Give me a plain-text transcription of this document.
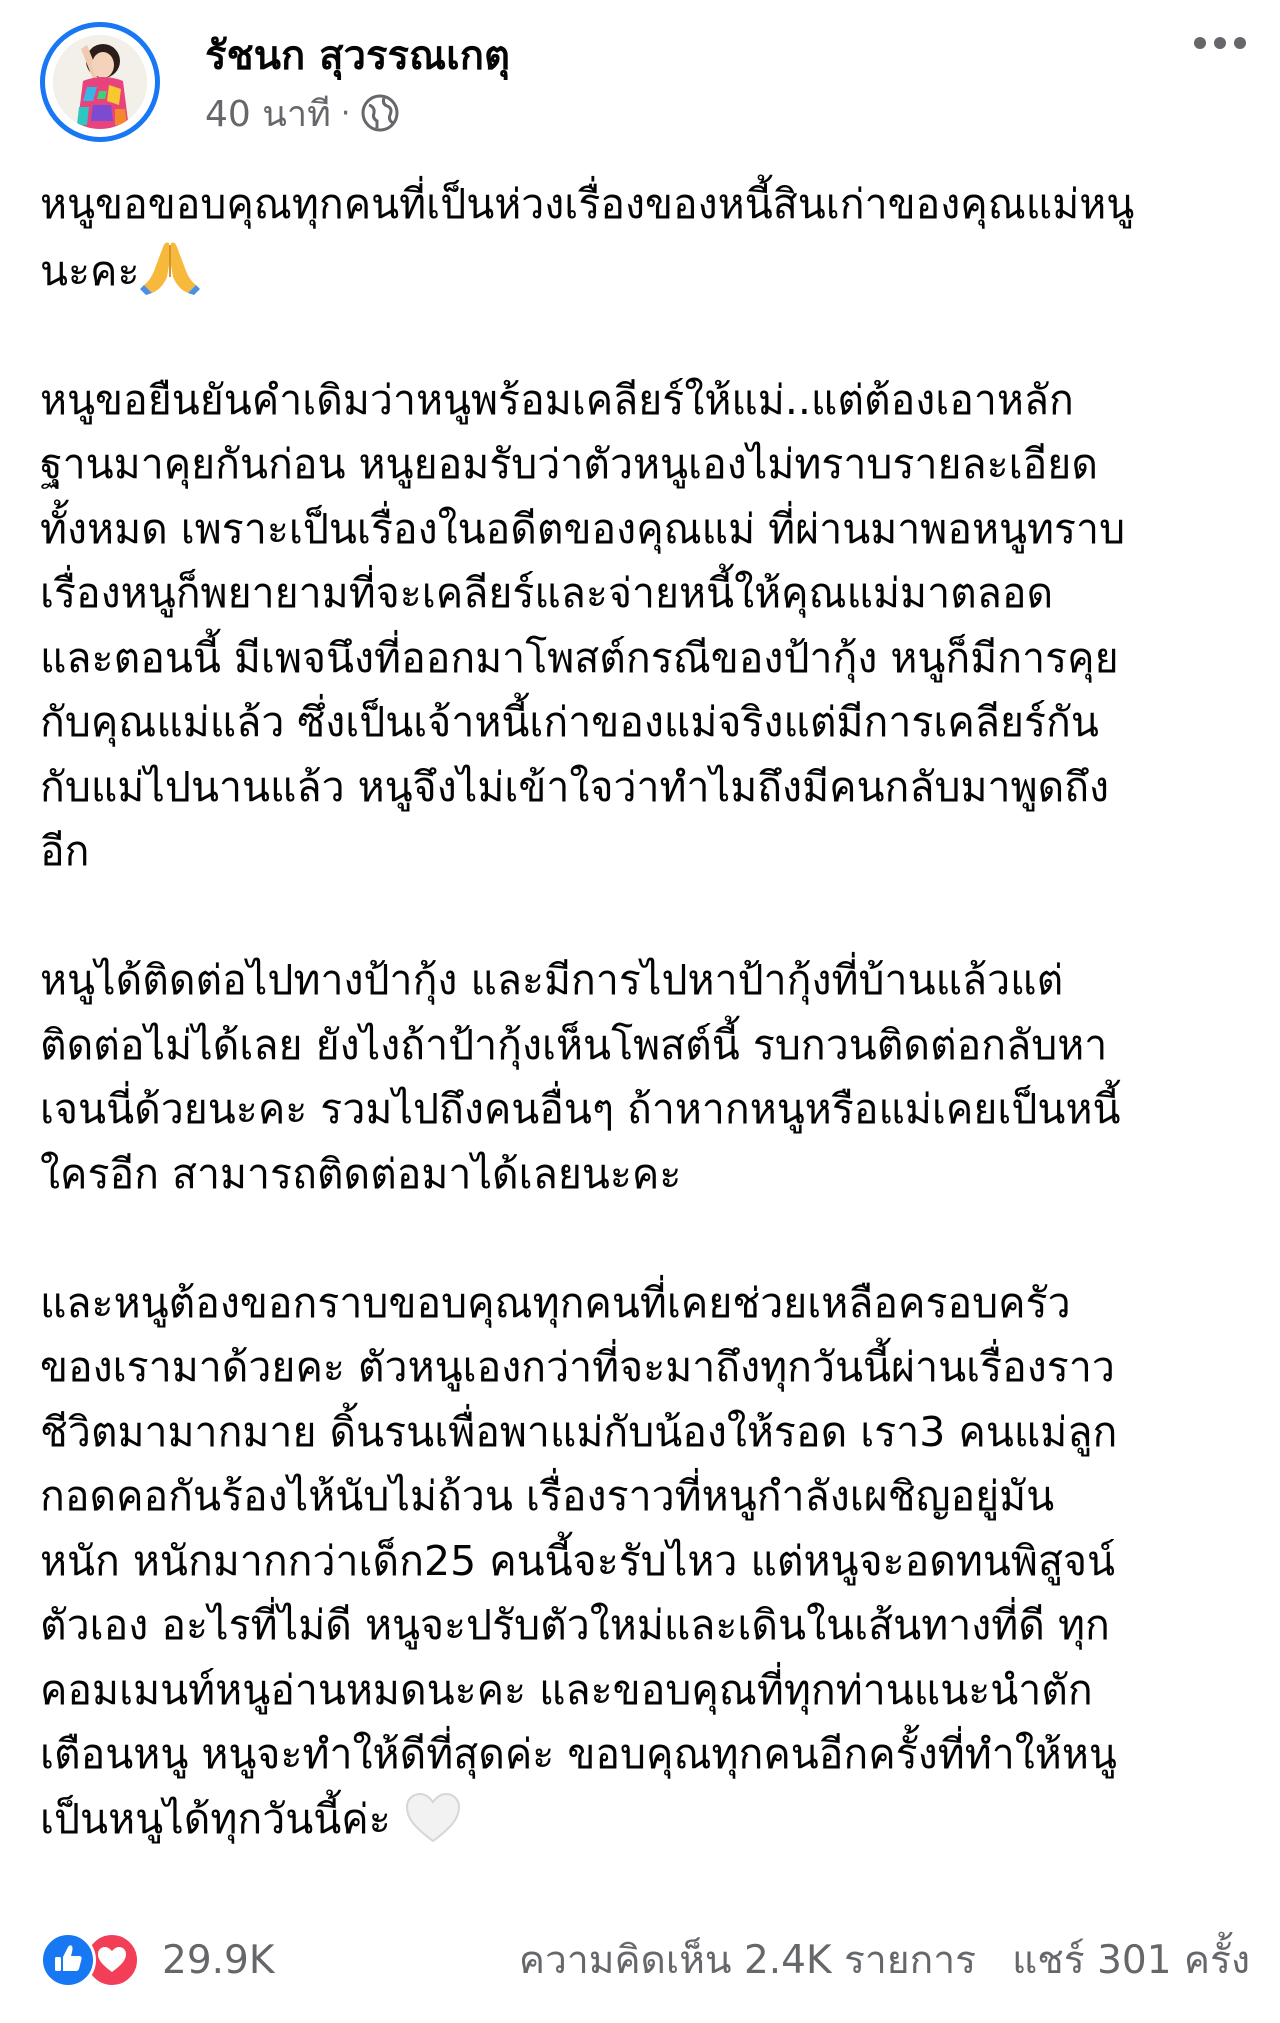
รัชนก สุวรรณเกตุ
40 นาที ·

หนูขอขอบคุณทุกคนที่เป็นห่วงเรื่องของหนี้สินเก่าของคุณแม่หนู
นะคะ

หนูขอยืนยันคำเดิมว่าหนูพร้อมเคลียร์ให้แม่..แต่ต้องเอาหลัก
ฐานมาคุยกันก่อน หนูยอมรับว่าตัวหนูเองไม่ทราบรายละเอียด
ทั้งหมด เพราะเป็นเรื่องในอดีตของคุณแม่ ที่ผ่านมาพอหนูทราบ
เรื่องหนูก็พยายามที่จะเคลียร์และจ่ายหนี้ให้คุณแม่มาตลอด
และตอนนี้ มีเพจนึงที่ออกมาโพสต์กรณีของป้ากุ้ง หนูก็มีการคุย
กับคุณแม่แล้ว ซึ่งเป็นเจ้าหนี้เก่าของแม่จริงแต่มีการเคลียร์กัน
กับแม่ไปนานแล้ว หนูจึงไม่เข้าใจว่าทำไมถึงมีคนกลับมาพูดถึง
อีก

หนูได้ติดต่อไปทางป้ากุ้ง และมีการไปหาป้ากุ้งที่บ้านแล้วแต่
ติดต่อไม่ได้เลย ยังไงถ้าป้ากุ้งเห็นโพสต์นี้ รบกวนติดต่อกลับหา
เจนนี่ด้วยนะคะ รวมไปถึงคนอื่นๆ ถ้าหากหนูหรือแม่เคยเป็นหนี้
ใครอีก สามารถติดต่อมาได้เลยนะคะ

และหนูต้องขอกราบขอบคุณทุกคนที่เคยช่วยเหลือครอบครัว
ของเรามาด้วยคะ ตัวหนูเองกว่าที่จะมาถึงทุกวันนี้ผ่านเรื่องราว
ชีวิตมามากมาย ดิ้นรนเพื่อพาแม่กับน้องให้รอด เรา3 คนแม่ลูก
กอดคอกันร้องไห้นับไม่ถ้วน เรื่องราวที่หนูกำลังเผชิญอยู่มัน
หนัก หนักมากกว่าเด็ก25 คนนี้จะรับไหว แต่หนูจะอดทนพิสูจน์
ตัวเอง อะไรที่ไม่ดี หนูจะปรับตัวใหม่และเดินในเส้นทางที่ดี ทุก
คอมเมนท์หนูอ่านหมดนะคะ และขอบคุณที่ทุกท่านแนะนำตัก
เตือนหนู หนูจะทำให้ดีที่สุดค่ะ ขอบคุณทุกคนอีกครั้งที่ทำให้หนู
เป็นหนูได้ทุกวันนี้ค่ะ

29.9K	ความคิดเห็น 2.4K รายการ แชร์ 301 ครั้ง
